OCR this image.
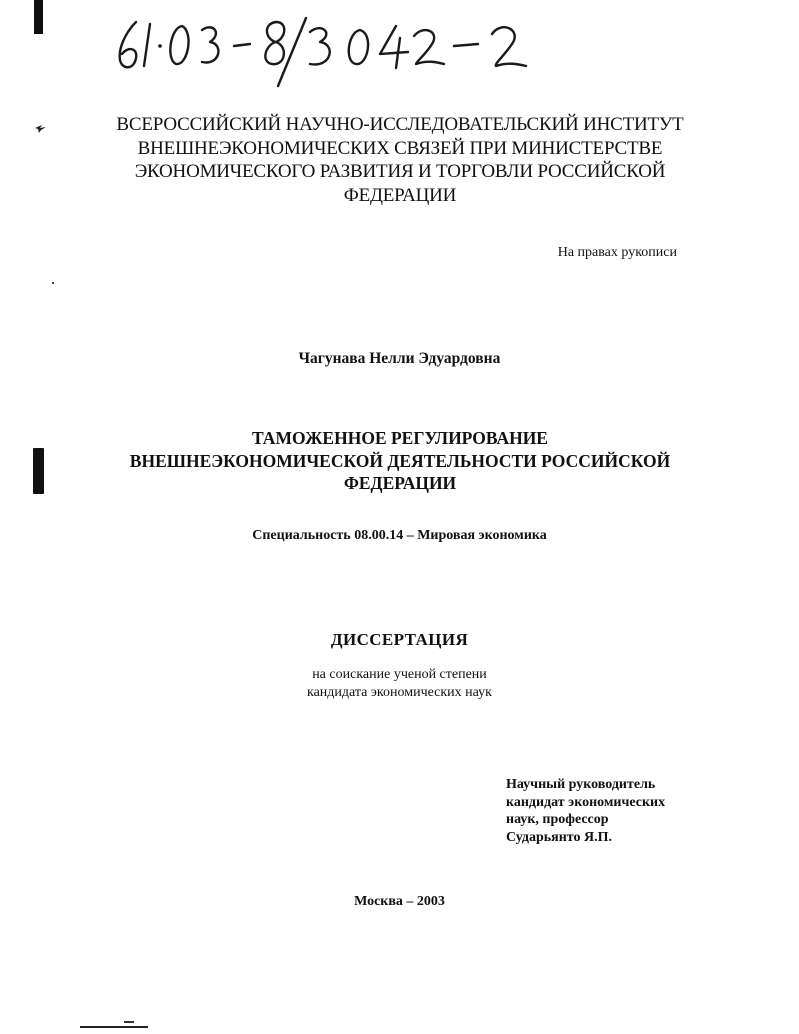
ВСЕРОССИЙСКИЙ НАУЧНО-ИССЛЕДОВАТЕЛЬСКИЙ ИНСТИТУТ
ВНЕШНЕЭКОНОМИЧЕСКИХ СВЯЗЕЙ ПРИ МИНИСТЕРСТВЕ
ЭКОНОМИЧЕСКОГО РАЗВИТИЯ И ТОРГОВЛИ РОССИЙСКОЙ
ФЕДЕРАЦИИ
На правах рукописи
Чагунава Нелли Эдуардовна
ТАМОЖЕННОЕ РЕГУЛИРОВАНИЕ
ВНЕШНЕЭКОНОМИЧЕСКОЙ ДЕЯТЕЛЬНОСТИ РОССИЙСКОЙ
ФЕДЕРАЦИИ
Специальность 08.00.14 – Мировая экономика
ДИССЕРТАЦИЯ
на соискание ученой степени
кандидата экономических наук
Научный руководитель
кандидат экономических
наук, профессор
Сударьянто Я.П.
Москва – 2003
